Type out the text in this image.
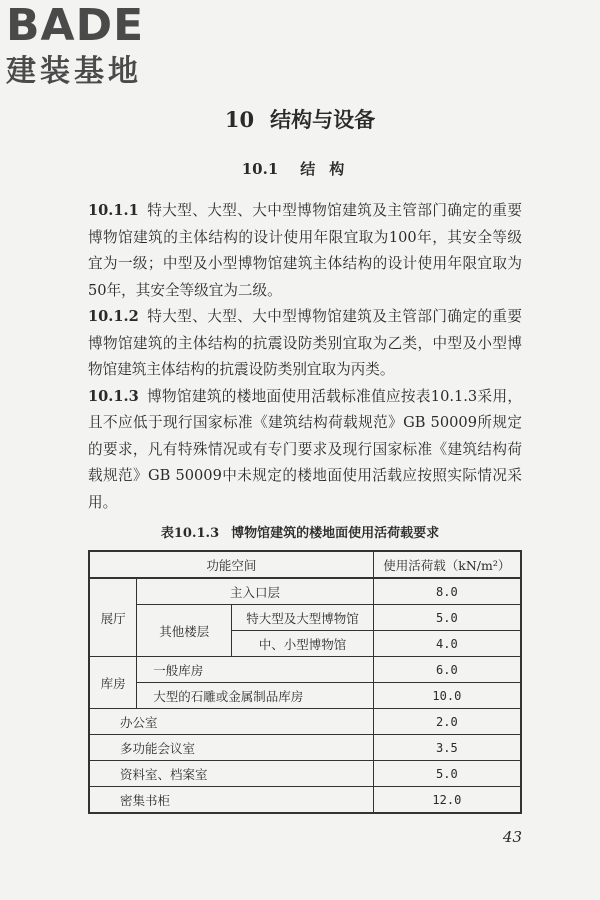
BADE
建装基地
10 结构与设备
10.1 结构

10.1.1 特大型、大型、大中型博物馆建筑及主管部门确定的重要博物馆建筑的主体结构的设计使用年限宜取为100年，其安全等级宜为一级；中型及小型博物馆建筑主体结构的设计使用年限宜取为50年，其安全等级宜为二级。

10.1.2 特大型、大型、大中型博物馆建筑及主管部门确定的重要博物馆建筑的主体结构的抗震设防类别宜取为乙类，中型及小型博物馆建筑主体结构的抗震设防类别宜取为丙类。

10.1.3 博物馆建筑的楼地面使用活载标准值应按表10.1.3采用，且不应低于现行国家标准《建筑结构荷载规范》GB 50009所规定的要求，凡有特殊情况或有专门要求及现行国家标准《建筑结构荷载规范》GB 50009中未规定的楼地面使用活载应按照实际情况采用。

表10.1.3 博物馆建筑的楼地面使用活荷载要求
功能空间			使用活荷载（kN/m²）
展厅	主入口层		8.0
	其他楼层	特大型及大型博物馆	5.0
		中、小型博物馆	4.0
库房	一般库房		6.0
	大型的石雕或金属制品库房		10.0
办公室			2.0
多功能会议室			3.5
资料室、档案室			5.0
密集书柜			12.0
43
